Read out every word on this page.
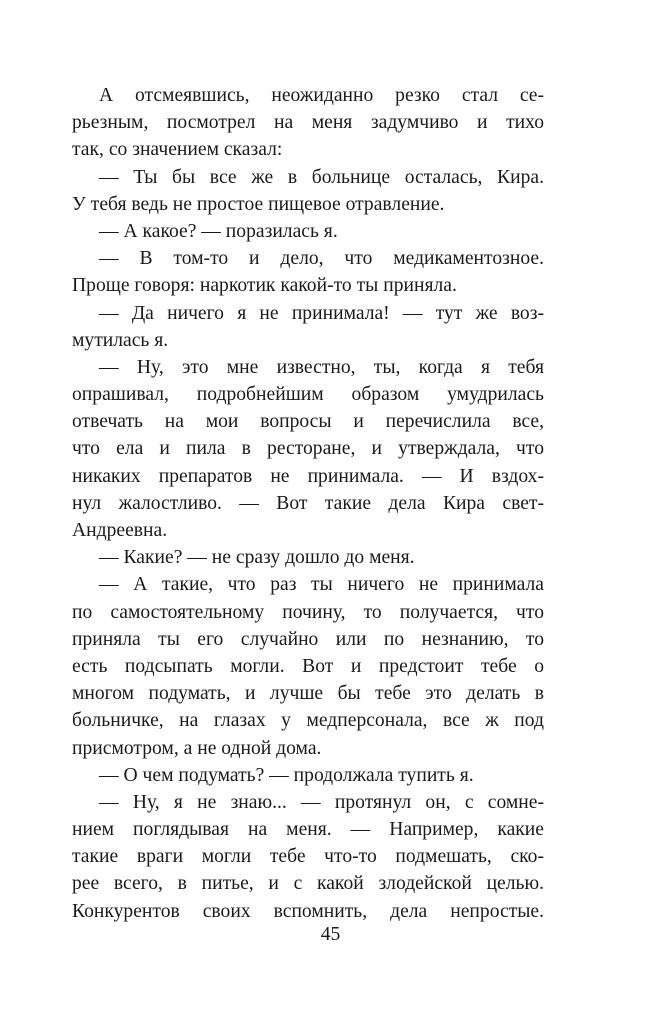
А отсмеявшись, неожиданно резко стал се-
рьезным, посмотрел на меня задумчиво и тихо
так, со значением сказал:
— Ты бы все же в больнице осталась, Кира.
У тебя ведь не простое пищевое отравление.
— А какое? — поразилась я.
— В том-то и дело, что медикаментозное.
Проще говоря: наркотик какой-то ты приняла.
— Да ничего я не принимала! — тут же воз-
мутилась я.
— Ну, это мне известно, ты, когда я тебя
опрашивал, подробнейшим образом умудрилась
отвечать на мои вопросы и перечислила все,
что ела и пила в ресторане, и утверждала, что
никаких препаратов не принимала. — И вздох-
нул жалостливо. — Вот такие дела Кира свет-
Андреевна.
— Какие? — не сразу дошло до меня.
— А такие, что раз ты ничего не принимала
по самостоятельному почину, то получается, что
приняла ты его случайно или по незнанию, то
есть подсыпать могли. Вот и предстоит тебе о
многом подумать, и лучше бы тебе это делать в
больничке, на глазах у медперсонала, все ж под
присмотром, а не одной дома.
— О чем подумать? — продолжала тупить я.
— Ну, я не знаю... — протянул он, с сомне-
нием поглядывая на меня. — Например, какие
такие враги могли тебе что-то подмешать, ско-
рее всего, в питье, и с какой злодейской целью.
Конкурентов своих вспомнить, дела непростые.
45
